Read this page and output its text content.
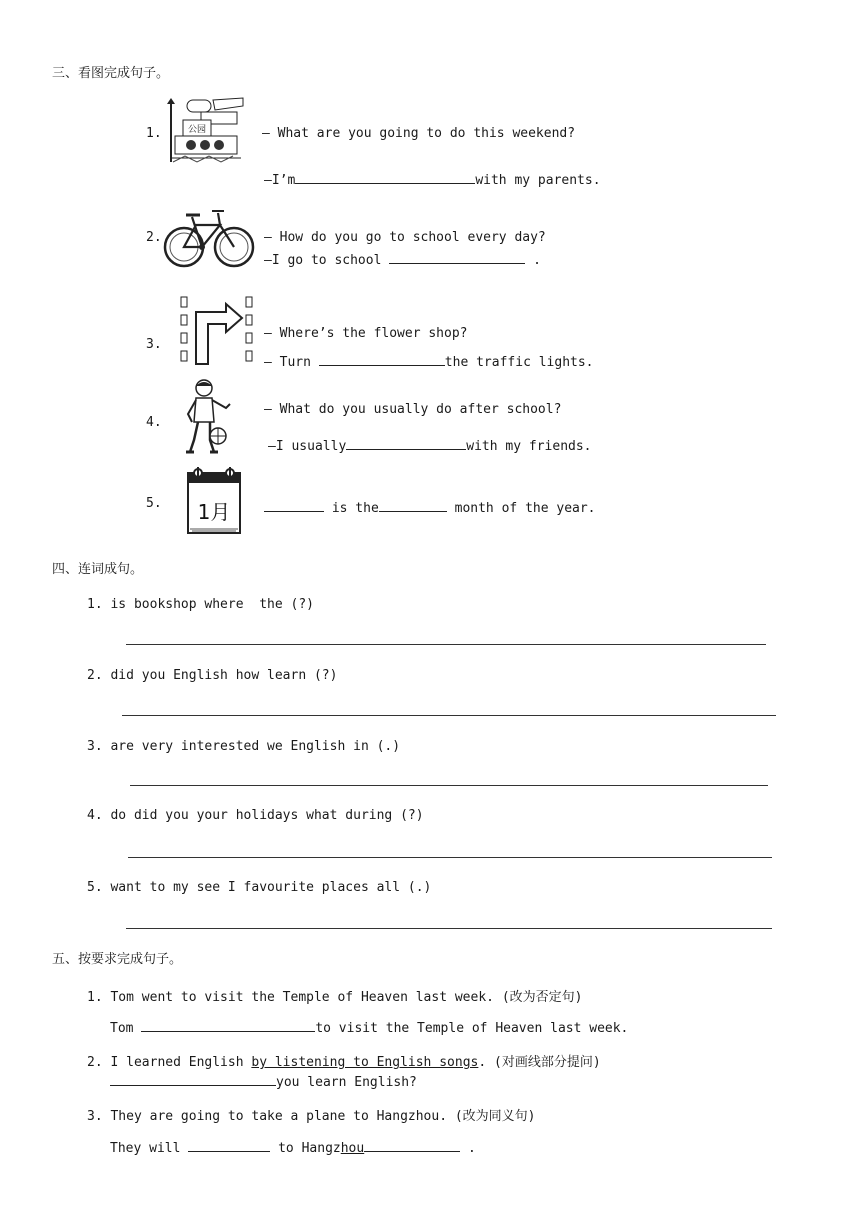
三、看图完成句子。
1.	公园	— What are you going to do this weekend?
—I’m	with my parents.
2.	— How do you go to school every day?
—I go to school	.
3.
— Where’s the flower shop?
— Turn	the traffic lights.
4.
— What do you usually do after school?
—I usually	with my friends.
5. 1月	is the	month of the year.
四、连词成句。
1. is bookshop where  the (?)
2. did you English how learn (?)
3. are very interested we English in (.)
4. do did you your holidays what during (?)
5. want to my see I favourite places all (.)
五、按要求完成句子。
1. Tom went to visit the Temple of Heaven last week. (改为否定句)
Tom	to visit the Temple of Heaven last week.
2. I learned English by listening to English songs. (对画线部分提问)
you learn English?
3. They are going to take a plane to Hangzhou. (改为同义句)
They will	to Hangzhou	.
